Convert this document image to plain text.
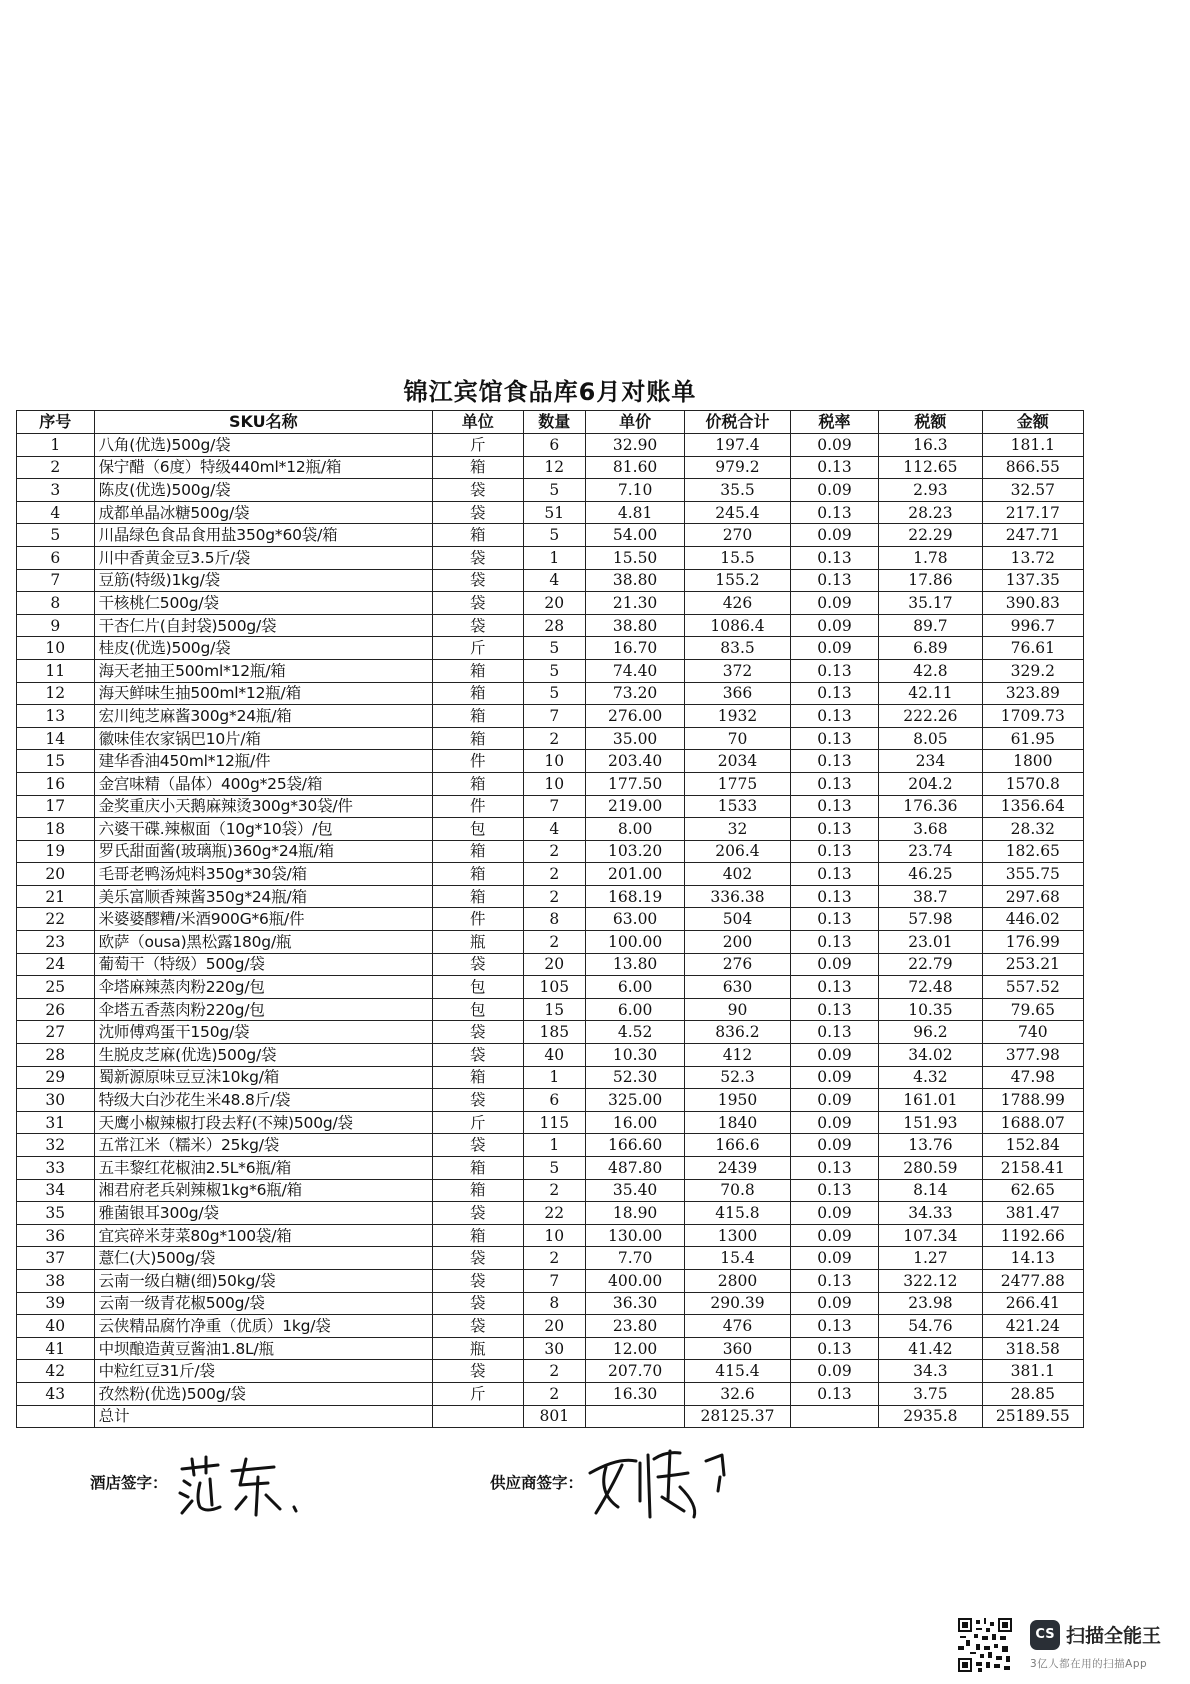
锦江宾馆食品库6月对账单
序号	SKU名称	单位	数量	单价	价税合计	税率	税额	金额
1	八角(优选)500g/袋	斤	6	32.90	197.4	0.09	16.3	181.1
2	保宁醋（6度）特级440ml*12瓶/箱	箱	12	81.60	979.2	0.13	112.65	866.55
3	陈皮(优选)500g/袋	袋	5	7.10	35.5	0.09	2.93	32.57
4	成都单晶冰糖500g/袋	袋	51	4.81	245.4	0.13	28.23	217.17
5	川晶绿色食品食用盐350g*60袋/箱	箱	5	54.00	270	0.09	22.29	247.71
6	川中香黄金豆3.5斤/袋	袋	1	15.50	15.5	0.13	1.78	13.72
7	豆筋(特级)1kg/袋	袋	4	38.80	155.2	0.13	17.86	137.35
8	干核桃仁500g/袋	袋	20	21.30	426	0.09	35.17	390.83
9	干杏仁片(自封袋)500g/袋	袋	28	38.80	1086.4	0.09	89.7	996.7
10	桂皮(优选)500g/袋	斤	5	16.70	83.5	0.09	6.89	76.61
11	海天老抽王500ml*12瓶/箱	箱	5	74.40	372	0.13	42.8	329.2
12	海天鲜味生抽500ml*12瓶/箱	箱	5	73.20	366	0.13	42.11	323.89
13	宏川纯芝麻酱300g*24瓶/箱	箱	7	276.00	1932	0.13	222.26	1709.73
14	徽味佳农家锅巴10片/箱	箱	2	35.00	70	0.13	8.05	61.95
15	建华香油450ml*12瓶/件	件	10	203.40	2034	0.13	234	1800
16	金宫味精（晶体）400g*25袋/箱	箱	10	177.50	1775	0.13	204.2	1570.8
17	金奖重庆小天鹅麻辣烫300g*30袋/件	件	7	219.00	1533	0.13	176.36	1356.64
18	六婆干碟.辣椒面（10g*10袋）/包	包	4	8.00	32	0.13	3.68	28.32
19	罗氏甜面酱(玻璃瓶)360g*24瓶/箱	箱	2	103.20	206.4	0.13	23.74	182.65
20	毛哥老鸭汤炖料350g*30袋/箱	箱	2	201.00	402	0.13	46.25	355.75
21	美乐富顺香辣酱350g*24瓶/箱	箱	2	168.19	336.38	0.13	38.7	297.68
22	米婆婆醪糟/米酒900G*6瓶/件	件	8	63.00	504	0.13	57.98	446.02
23	欧萨（ousa)黑松露180g/瓶	瓶	2	100.00	200	0.13	23.01	176.99
24	葡萄干（特级）500g/袋	袋	20	13.80	276	0.09	22.79	253.21
25	伞塔麻辣蒸肉粉220g/包	包	105	6.00	630	0.13	72.48	557.52
26	伞塔五香蒸肉粉220g/包	包	15	6.00	90	0.13	10.35	79.65
27	沈师傅鸡蛋干150g/袋	袋	185	4.52	836.2	0.13	96.2	740
28	生脱皮芝麻(优选)500g/袋	袋	40	10.30	412	0.09	34.02	377.98
29	蜀新源原味豆豆沫10kg/箱	箱	1	52.30	52.3	0.09	4.32	47.98
30	特级大白沙花生米48.8斤/袋	袋	6	325.00	1950	0.09	161.01	1788.99
31	天鹰小椒辣椒打段去籽(不辣)500g/袋	斤	115	16.00	1840	0.09	151.93	1688.07
32	五常江米（糯米）25kg/袋	袋	1	166.60	166.6	0.09	13.76	152.84
33	五丰黎红花椒油2.5L*6瓶/箱	箱	5	487.80	2439	0.13	280.59	2158.41
34	湘君府老兵剁辣椒1kg*6瓶/箱	箱	2	35.40	70.8	0.13	8.14	62.65
35	雅菌银耳300g/袋	袋	22	18.90	415.8	0.09	34.33	381.47
36	宜宾碎米芽菜80g*100袋/箱	箱	10	130.00	1300	0.09	107.34	1192.66
37	薏仁(大)500g/袋	袋	2	7.70	15.4	0.09	1.27	14.13
38	云南一级白糖(细)50kg/袋	袋	7	400.00	2800	0.13	322.12	2477.88
39	云南一级青花椒500g/袋	袋	8	36.30	290.39	0.09	23.98	266.41
40	云侠精品腐竹净重（优质）1kg/袋	袋	20	23.80	476	0.13	54.76	421.24
41	中坝酿造黄豆酱油1.8L/瓶	瓶	30	12.00	360	0.13	41.42	318.58
42	中粒红豆31斤/袋	袋	2	207.70	415.4	0.09	34.3	381.1
43	孜然粉(优选)500g/袋	斤	2	16.30	32.6	0.13	3.75	28.85
	总计		801		28125.37		2935.8	25189.55
酒店签字：	供应商签字：
CS 扫描全能王
3亿人都在用的扫描App
